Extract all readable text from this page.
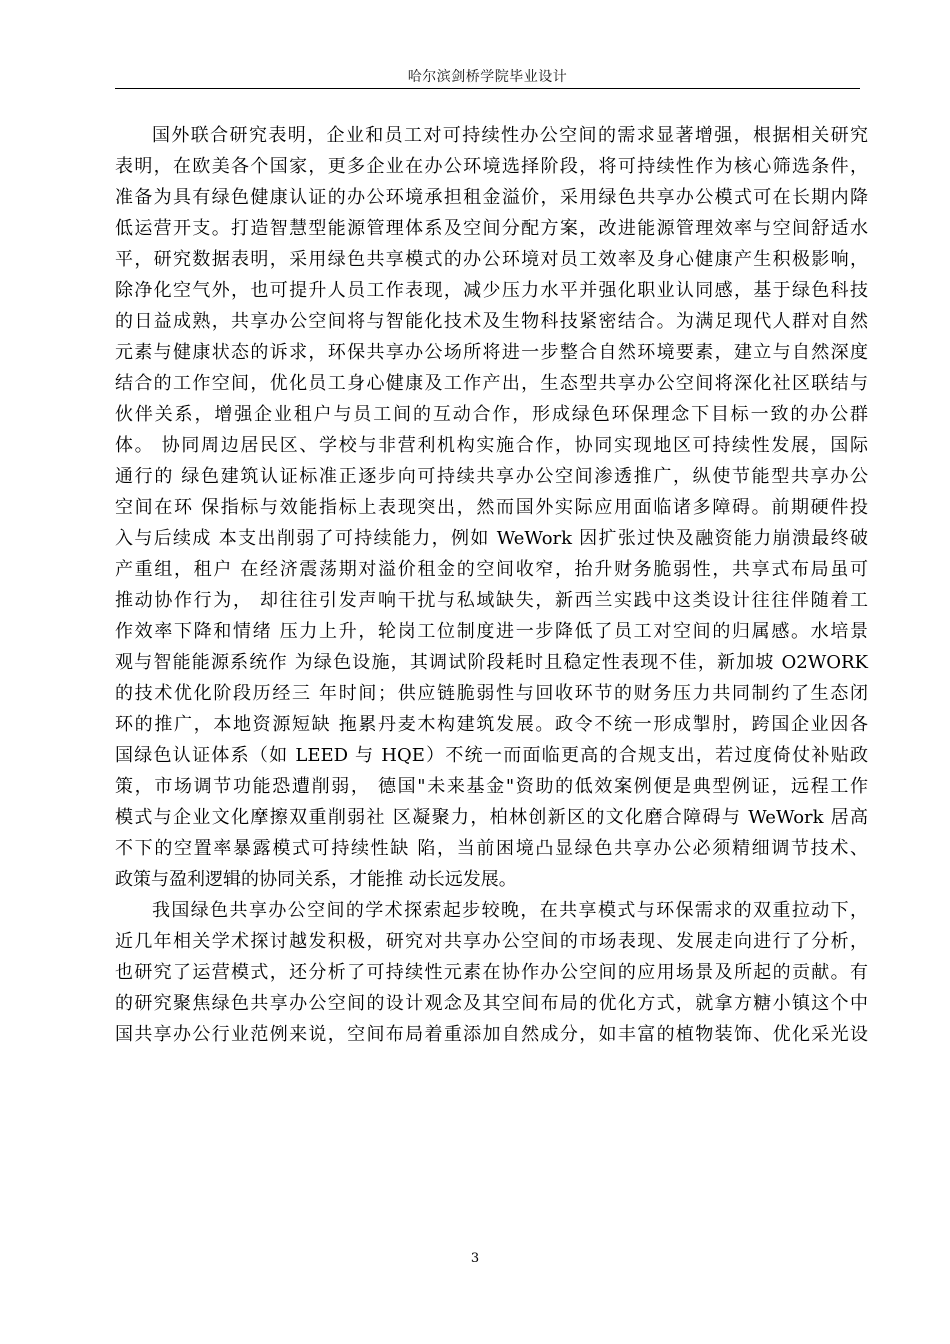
哈尔滨剑桥学院毕业设计
国外联合研究表明，企业和员工对可持续性办公空间的需求显著增强，根据相关研究
表明，在欧美各个国家，更多企业在办公环境选择阶段，将可持续性作为核心筛选条件，
准备为具有绿色健康认证的办公环境承担租金溢价，采用绿色共享办公模式可在长期内降
低运营开支。打造智慧型能源管理体系及空间分配方案，改进能源管理效率与空间舒适水
平，研究数据表明，采用绿色共享模式的办公环境对员工效率及身心健康产生积极影响，
除净化空气外，也可提升人员工作表现，减少压力水平并强化职业认同感，基于绿色科技
的日益成熟，共享办公空间将与智能化技术及生物科技紧密结合。为满足现代人群对自然
元素与健康状态的诉求，环保共享办公场所将进一步整合自然环境要素，建立与自然深度
结合的工作空间，优化员工身心健康及工作产出，生态型共享办公空间将深化社区联结与
伙伴关系，增强企业租户与员工间的互动合作，形成绿色环保理念下目标一致的办公群
体。 协同周边居民区、学校与非营利机构实施合作，协同实现地区可持续性发展，国际
通行的 绿色建筑认证标准正逐步向可持续共享办公空间渗透推广，纵使节能型共享办公
空间在环 保指标与效能指标上表现突出，然而国外实际应用面临诸多障碍。前期硬件投
入与后续成 本支出削弱了可持续能力，例如 WeWork 因扩张过快及融资能力崩溃最终破
产重组，租户 在经济震荡期对溢价租金的空间收窄，抬升财务脆弱性，共享式布局虽可
推动协作行为， 却往往引发声响干扰与私域缺失，新西兰实践中这类设计往往伴随着工
作效率下降和情绪 压力上升，轮岗工位制度进一步降低了员工对空间的归属感。水培景
观与智能能源系统作 为绿色设施，其调试阶段耗时且稳定性表现不佳，新加坡 O2WORK
的技术优化阶段历经三 年时间；供应链脆弱性与回收环节的财务压力共同制约了生态闭
环的推广，本地资源短缺 拖累丹麦木构建筑发展。政令不统一形成掣肘，跨国企业因各
国绿色认证体系（如 LEED 与 HQE）不统一而面临更高的合规支出，若过度倚仗补贴政
策，市场调节功能恐遭削弱， 德国"未来基金"资助的低效案例便是典型例证，远程工作
模式与企业文化摩擦双重削弱社 区凝聚力，柏林创新区的文化磨合障碍与 WeWork 居高
不下的空置率暴露模式可持续性缺 陷，当前困境凸显绿色共享办公必须精细调节技术、
政策与盈利逻辑的协同关系，才能推 动长远发展。
我国绿色共享办公空间的学术探索起步较晚，在共享模式与环保需求的双重拉动下，
近几年相关学术探讨越发积极，研究对共享办公空间的市场表现、发展走向进行了分析，
也研究了运营模式，还分析了可持续性元素在协作办公空间的应用场景及所起的贡献。有
的研究聚焦绿色共享办公空间的设计观念及其空间布局的优化方式，就拿方糖小镇这个中
国共享办公行业范例来说，空间布局着重添加自然成分，如丰富的植物装饰、优化采光设
3
